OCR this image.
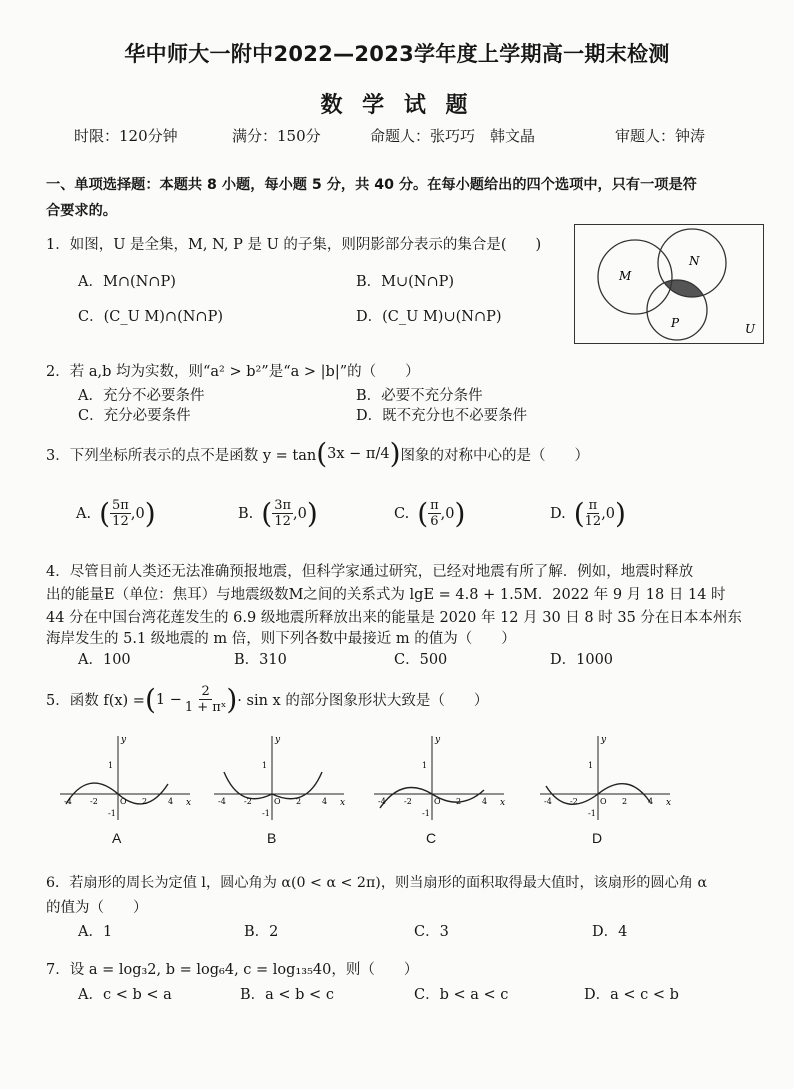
华中师大一附中2022—2023学年度上学期高一期末检测
数 学 试 题
时限：120分钟	满分：150分	命题人：张巧巧　韩文晶	审题人：钟涛
一、单项选择题：本题共 8 小题，每小题 5 分，共 40 分。在每小题给出的四个选项中，只有一项是符
合要求的。
1．如图，U 是全集，M, N, P 是 U 的子集，则阴影部分表示的集合是(　　)
A．M∩(N∩P)	B．M∪(N∩P)
C．(C_U M)∩(N∩P)	D．(C_U M)∪(N∩P)
M
N
P	U
2．若 a,b 均为实数，则“a² > b²”是“a > |b|”的（　　）
A．充分不必要条件	B．必要不充分条件
C．充分必要条件	D．既不充分也不必要条件
3．下列坐标所表示的点不是函数 y = tan ( 3x − π/4 ) 图象的对称中心的是（　　）
A. ( $\frac{5\pi}{12} ,0$ )	B. ( $\frac{3\pi}{12} ,0$ )	C. ( $\frac{\pi}{6} ,0$ )	D. ( $\frac{\pi}{12} ,0$ )
4．尽管目前人类还无法准确预报地震，但科学家通过研究，已经对地震有所了解．例如，地震时释放
出的能量E（单位：焦耳）与地震级数M之间的关系式为 lgE = 4.8 + 1.5M．2022 年 9 月 18 日 14 时
44 分在中国台湾花莲发生的 6.9 级地震所释放出来的能量是 2020 年 12 月 30 日 8 时 35 分在日本本州东
海岸发生的 5.1 级地震的 m 倍，则下列各数中最接近 m 的值为（　　）
A．100	B．310	C．500	D．1000
5．函数 f(x) = ( $1 - \frac{2}{\text{1 + πˣ}}$ ) · sin x 的部分图象形状大致是（　　）
x
y
-4 -2	O 2	4
1
-1
x
y
-4 -2	O 2	4
1
-1
x
y
-4 -2	O 2	4
1
-1
x
y
-4 -2	O 2	4
1
-1
A	B	C	D
6．若扇形的周长为定值 l，圆心角为 α(0 < α < 2π)，则当扇形的面积取得最大值时，该扇形的圆心角 α
的值为（　　）
A．1	B．2	C．3	D．4
7．设 a = log₃2, b = log₆4, c = log₁₃₅40，则（　　）
A．c < b < a	B．a < b < c	C．b < a < c	D．a < c < b
